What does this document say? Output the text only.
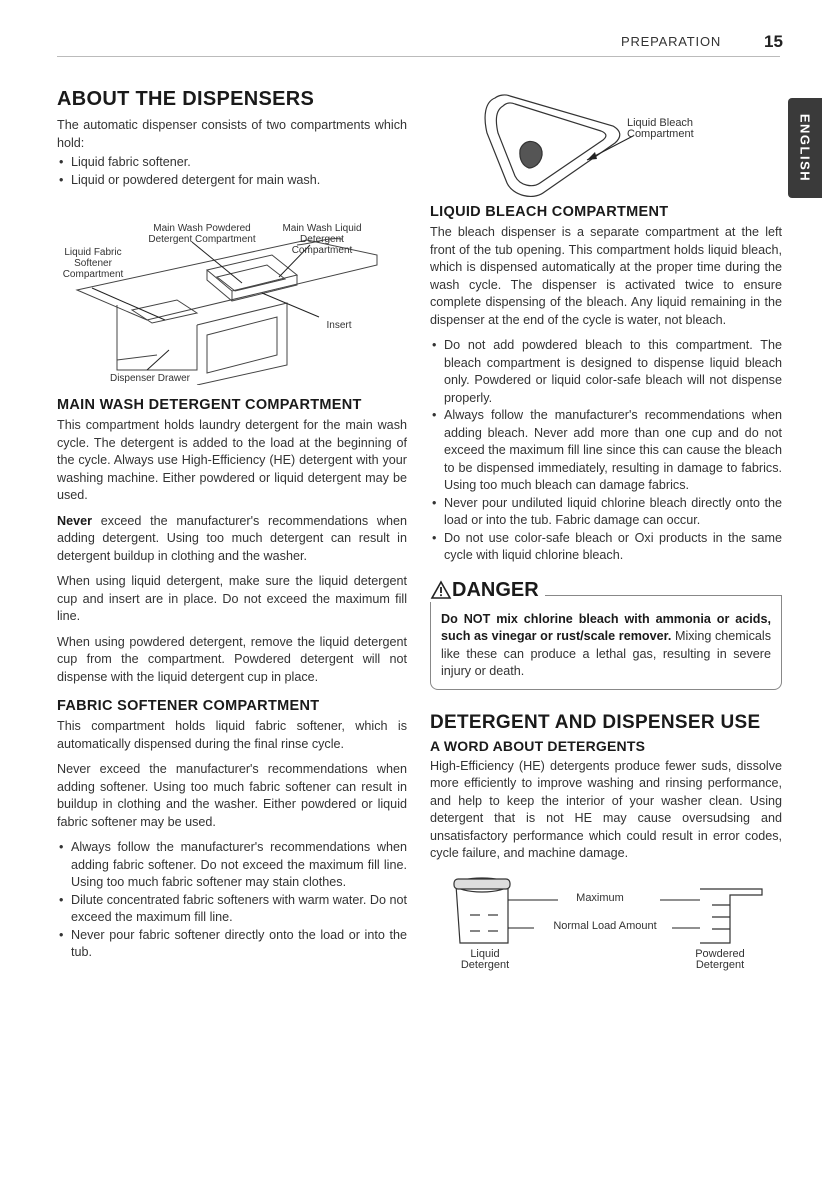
PREPARATION	15
ENGLISH
ABOUT THE DISPENSERS

The automatic dispenser consists of two compartments which hold:

• Liquid fabric softener.
• Liquid or powdered detergent for main wash.
Main Wash Powdered Detergent Compartment
Main Wash Liquid Detergent Compartment
Liquid Fabric Softener Compartment
Insert
Dispenser Drawer
MAIN WASH DETERGENT COMPARTMENT

This compartment holds laundry detergent for the main wash cycle. The detergent is added to the load at the beginning of the cycle. Always use High-Efficiency (HE) detergent with your washing machine. Either powdered or liquid detergent may be used.

Never exceed the manufacturer's recommendations when adding detergent. Using too much detergent can result in detergent buildup in clothing and the washer.

When using liquid detergent, make sure the liquid detergent cup and insert are in place. Do not exceed the maximum fill line.

When using powdered detergent, remove the liquid detergent cup from the compartment. Powdered detergent will not dispense with the liquid detergent cup in place.

FABRIC SOFTENER COMPARTMENT

This compartment holds liquid fabric softener, which is automatically dispensed during the final rinse cycle.

Never exceed the manufacturer's recommendations when adding softener. Using too much fabric softener can result in buildup in clothing and the washer. Either powdered or liquid fabric softener may be used.

• Always follow the manufacturer's recommendations when adding fabric softener. Do not exceed the maximum fill line. Using too much fabric softener may stain clothes.
• Dilute concentrated fabric softeners with warm water. Do not exceed the maximum fill line.
• Never pour fabric softener directly onto the load or into the tub.
Liquid Bleach Compartment
LIQUID BLEACH COMPARTMENT

The bleach dispenser is a separate compartment at the left front of the tub opening. This compartment holds liquid bleach, which is dispensed automatically at the proper time during the wash cycle. The dispenser is activated twice to ensure complete dispensing of the bleach. Any liquid remaining in the dispenser at the end of the cycle is water, not bleach.

• Do not add powdered bleach to this compartment. The bleach compartment is designed to dispense liquid bleach only. Powdered or liquid color-safe bleach will not dispense properly.
• Always follow the manufacturer's recommendations when adding bleach. Never add more than one cup and do not exceed the maximum fill line since this can cause the bleach to be dispensed immediately, resulting in damage to fabrics. Using too much bleach can damage fabrics.
• Never pour undiluted liquid chlorine bleach directly onto the load or into the tub. Fabric damage can occur.
• Do not use color-safe bleach or Oxi products in the same cycle with liquid chlorine bleach.
DANGER

Do NOT mix chlorine bleach with ammonia or acids, such as vinegar or rust/scale remover. Mixing chemicals like these can produce a lethal gas, resulting in severe injury or death.

DETERGENT AND DISPENSER USE
A WORD ABOUT DETERGENTS

High-Efficiency (HE) detergents produce fewer suds, dissolve more efficiently to improve washing and rinsing performance, and help to keep the interior of your washer clean. Using detergent that is not HE may cause oversudsing and unsatisfactory performance which could result in error codes, cycle failure, and machine damage.

Maximum
Normal Load Amount
Liquid Detergent
Powdered Detergent
